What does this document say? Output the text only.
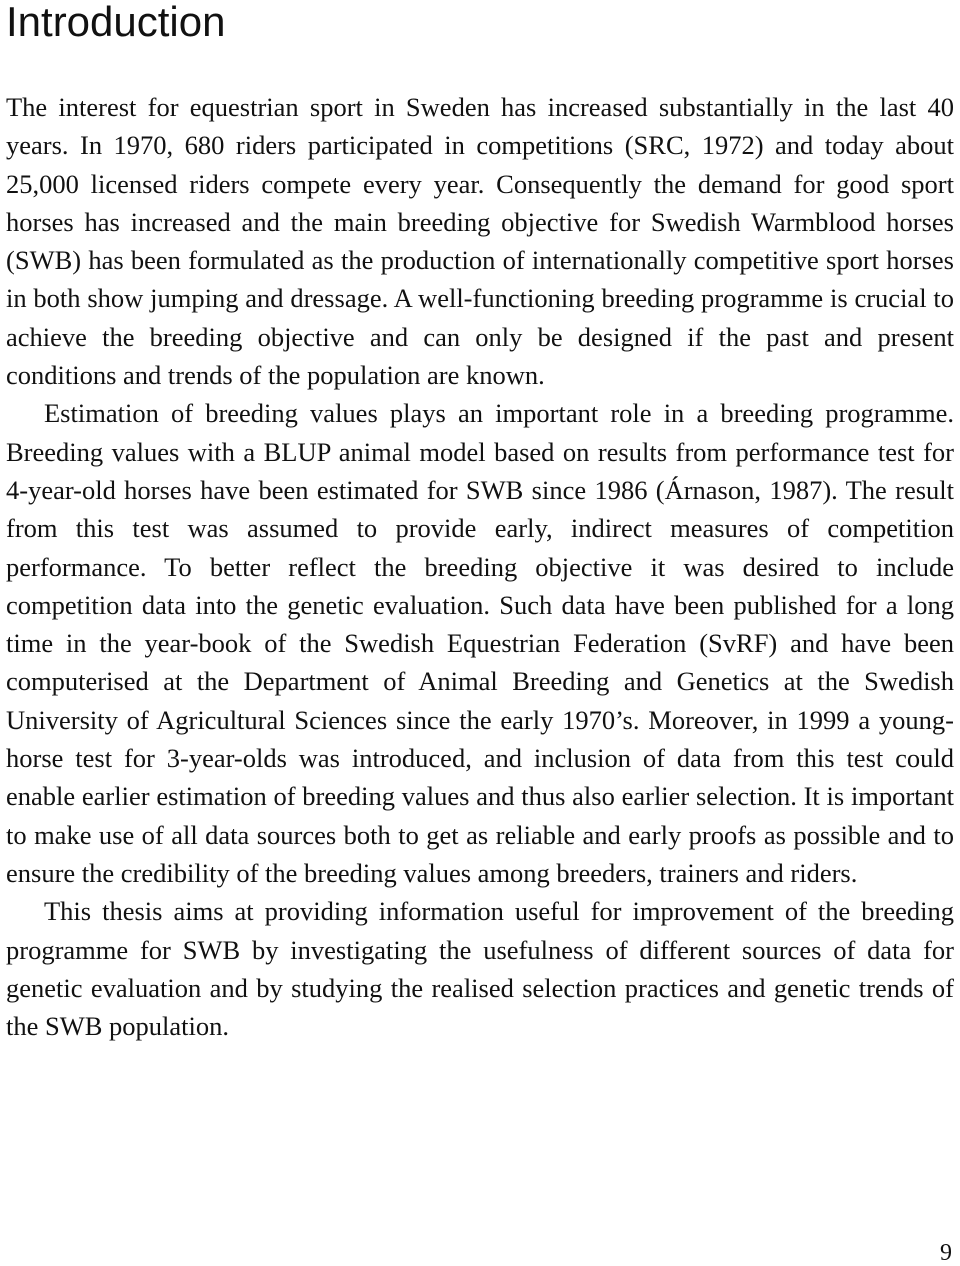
Introduction

The interest for equestrian sport in Sweden has increased substantially in the last 40 years. In 1970, 680 riders participated in competitions (SRC, 1972) and today about 25,000 licensed riders compete every year. Consequently the demand for good sport horses has increased and the main breeding objective for Swedish Warmblood horses (SWB) has been formulated as the production of internationally competitive sport horses in both show jumping and dressage. A well-functioning breeding programme is crucial to achieve the breeding objective and can only be designed if the past and present conditions and trends of the population are known.

Estimation of breeding values plays an important role in a breeding programme. Breeding values with a BLUP animal model based on results from performance test for 4-year-old horses have been estimated for SWB since 1986 (Árnason, 1987). The result from this test was assumed to provide early, indirect measures of competition performance. To better reflect the breeding objective it was desired to include competition data into the genetic evaluation. Such data have been published for a long time in the year-book of the Swedish Equestrian Federation (SvRF) and have been computerised at the Department of Animal Breeding and Genetics at the Swedish University of Agricultural Sciences since the early 1970’s. Moreover, in 1999 a young-horse test for 3-year-olds was introduced, and inclusion of data from this test could enable earlier estimation of breeding values and thus also earlier selection. It is important to make use of all data sources both to get as reliable and early proofs as possible and to ensure the credibility of the breeding values among breeders, trainers and riders.

This thesis aims at providing information useful for improvement of the breeding programme for SWB by investigating the usefulness of different sources of data for genetic evaluation and by studying the realised selection practices and genetic trends of the SWB population.

9
